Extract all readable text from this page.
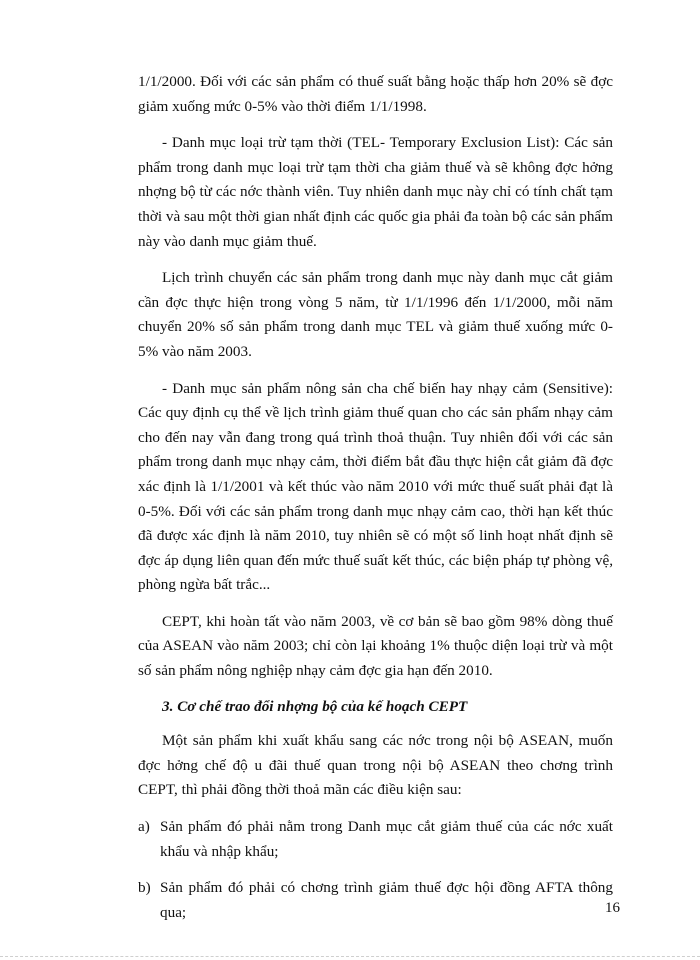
1/1/2000. Đối với các sản phẩm có thuế suất bằng hoặc thấp hơn 20% sẽ đợc giảm xuống mức 0-5% vào thời điểm 1/1/1998.

- Danh mục loại trừ tạm thời (TEL- Temporary Exclusion List): Các sản phẩm trong danh mục loại trừ tạm thời cha giảm thuế và sẽ không đợc hởng nhợng bộ từ các nớc thành viên. Tuy nhiên danh mục này chỉ có tính chất tạm thời và sau một thời gian nhất định các quốc gia phải đa toàn bộ các sản phẩm này vào danh mục giảm thuế.

Lịch trình chuyển các sản phẩm trong danh mục này danh mục cắt giảm cần đợc thực hiện trong vòng 5 năm, từ 1/1/1996 đến 1/1/2000, mỗi năm chuyển 20% số sản phẩm trong danh mục TEL và giảm thuế xuống mức 0-5% vào năm 2003.

- Danh mục sản phẩm nông sản cha chế biến hay nhạy cảm (Sensitive): Các quy định cụ thể về lịch trình giảm thuế quan cho các sản phẩm nhạy cảm cho đến nay vẫn đang trong quá trình thoả thuận. Tuy nhiên đối với các sản phẩm trong danh mục nhạy cảm, thời điểm bắt đầu thực hiện cắt giảm đã đợc xác định là 1/1/2001 và kết thúc vào năm 2010 với mức thuế suất phải đạt là 0-5%. Đối với các sản phẩm trong danh mục nhạy cảm cao, thời hạn kết thúc đã được xác định là năm 2010, tuy nhiên sẽ có một số linh hoạt nhất định sẽ đợc áp dụng liên quan đến mức thuế suất kết thúc, các biện pháp tự phòng vệ, phòng ngừa bất trắc...

CEPT, khi hoàn tất vào năm 2003, về cơ bản sẽ bao gồm 98% dòng thuế của ASEAN vào năm 2003; chỉ còn lại khoảng 1% thuộc diện loại trừ và một số sản phẩm nông nghiệp nhạy cảm đợc gia hạn đến 2010.

3. Cơ chế trao đổi nhợng bộ của kế hoạch CEPT

Một sản phẩm khi xuất khẩu sang các nớc trong nội bộ ASEAN, muốn đợc hởng chế độ u đãi thuế quan trong nội bộ ASEAN theo chơng trình CEPT, thì phải đồng thời thoả mãn các điều kiện sau:

a) Sản phẩm đó phải nằm trong Danh mục cắt giảm thuế của các nớc xuất khẩu và nhập khẩu;
b) Sản phẩm đó phải có chơng trình giảm thuế đợc hội đồng AFTA thông qua;	16
